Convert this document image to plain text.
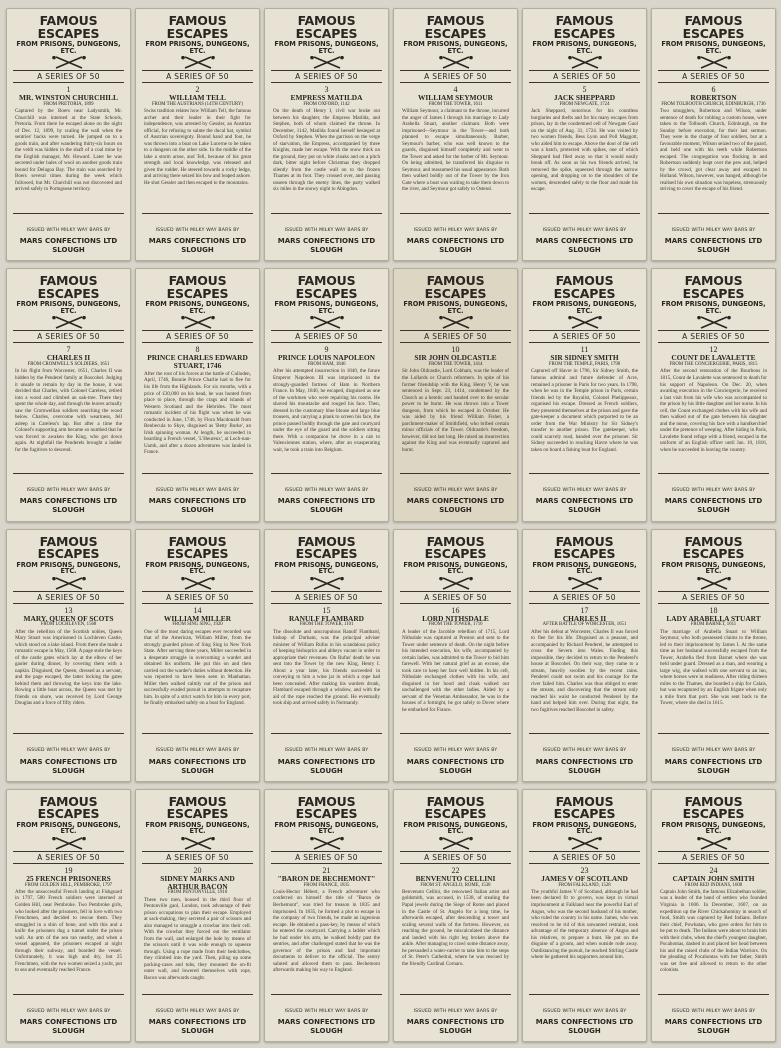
FAMOUS ESCAPES
FROM PRISONS, DUNGEONS, ETC.
A SERIES OF 50
1
MR. WINSTON CHURCHILL
FROM PRETORIA, 1899
Captured by the Boers near Ladysmith, Mr. Churchill was interned at the State Schools, Pretoria. From there he escaped alone on the night of Dec. 12, 1899, by scaling the wall when the sentries' backs were turned. He jumped on to a goods train, and after wandering thirty-six hours on the veldt was hidden in the shaft of a coal mine by the English manager, Mr. Howard. Later he was secreted under bales of wool on another goods train bound for Delagoa Bay. The train was searched by Boers several times during the week which followed, but Mr. Churchill was not discovered and arrived safely in Portuguese territory.
ISSUED WITH MILKY WAY BARS BY
MARS CONFECTIONS LTD
SLOUGH
FAMOUS ESCAPES
FROM PRISONS, DUNGEONS, ETC.
A SERIES OF 50
2
WILLIAM TELL
FROM THE AUSTRIANS (14TH CENTURY)
Swiss tradition relates how William Tell, the famous archer and their leader in their fight for independence, was arrested by Gessler, an Austrian official, for refusing to salute the ducal hat, symbol of Austrian sovereignty. Bound hand and foot, he was thrown into a boat on Lake Lucerne to be taken to a dungeon on the other side. In the middle of the lake a storm arose, and Tell, because of his great strength and local knowledge, was released and given the rudder. He steered towards a rocky ledge, and arriving there seized his bow and leaped ashore. He shot Gessler and then escaped to the mountains.
ISSUED WITH MILKY WAY BARS BY
MARS CONFECTIONS LTD
SLOUGH
FAMOUS ESCAPES
FROM PRISONS, DUNGEONS, ETC.
A SERIES OF 50
3
EMPRESS MATILDA
FROM OXFORD, 1142
On the death of Henry I, civil war broke out between his daughter, the Empress Matilda, and Stephen, both of whom claimed the throne. In December, 1142, Matilda found herself besieged at Oxford by Stephen. When the garrison on the verge of starvation, the Empress, accompanied by three Knights, made her escape. With the snow thick on the ground, they put on white cloaks and on a pitch dark, bitter night before Christmas they dropped silently from the castle wall on to the frozen Thames at its foot. They crossed over, and passing unseen through the enemy lines, the party walked six miles in the snowy night to Abingdon.
ISSUED WITH MILKY WAY BARS BY
MARS CONFECTIONS LTD
SLOUGH
FAMOUS ESCAPES
FROM PRISONS, DUNGEONS, ETC.
A SERIES OF 50
4
WILLIAM SEYMOUR
FROM THE TOWER, 1611
William Seymour, a claimant to the throne, incurred the anger of James I through his marriage to Lady Arabella Stuart, another claimant. Both were imprisoned—Seymour in the Tower—and both planned to escape simultaneously. Barber, Seymour's barber, who was well known to the guards, disguised himself completely and went to the Tower and asked for the barber of Mr. Seymour. On being admitted, he transferred his disguise to Seymour, and reassumed his usual appearance. Both then walked boldly out of the Tower by the Iron Gate where a boat was waiting to take them down to the river, and Seymour got safely to Ostend.
ISSUED WITH MILKY WAY BARS BY
MARS CONFECTIONS LTD
SLOUGH
FAMOUS ESCAPES
FROM PRISONS, DUNGEONS, ETC.
A SERIES OF 50
5
JACK SHEPPARD
FROM NEWGATE, 1724
Jack Sheppard, notorious for his countless burglaries and thefts and for his many escapes from prison, lay in the condemned cell of Newgate Gaol on the night of Aug. 31, 1724. He was visited by two women friends, Bess Lyon and Poll Maggott, who aided him to escape. Above the door of the cell was a hatch, protected with spikes, one of which Sheppard had filed away so that it would easily break off. As soon as his two friends arrived, he removed the spike, squeezed through the narrow opening, and dropping on to the shoulders of the women, descended safely to the floor and made his escape.
ISSUED WITH MILKY WAY BARS BY
MARS CONFECTIONS LTD
SLOUGH
FAMOUS ESCAPES
FROM PRISONS, DUNGEONS, ETC.
A SERIES OF 50
6
ROBERTSON
FROM TOLBOOTH CHURCH, EDINBURGH, 1736
Two smugglers, Robertson and Wilson, under sentence of death for robbing a custom house, were taken to the Tolbooth Church, Edinburgh, on the Sunday before execution, for their last sermon. They were in the charge of four soldiers, but at a favourable moment, Wilson seized two of the guard, and held one with his teeth while Robertson escaped. The congregation was flocking in and Robertson suddenly leapt over the pew and, helped by the crowd, got clear away and escaped to Holland. Wilson, however, was hanged, although he realised his own situation was hopeless, strenuously striving to cover the escape of his friend.
ISSUED WITH MILKY WAY BARS BY
MARS CONFECTIONS LTD
SLOUGH
FAMOUS ESCAPES
FROM PRISONS, DUNGEONS, ETC.
A SERIES OF 50
7
CHARLES II
FROM CROMWELL'S SOLDIERS, 1651
In his flight from Worcester, 1651, Charles II was hidden by the Penderel family at Boscobel. Judging it unsafe to remain by day in the house, it was decided that Charles, with Colonel Careless, retired into a wood and climbed an oak-tree. There they spent the whole day, and through the leaves actually saw the Cromwellian soldiers searching the wood below. Charles, overcome with weariness, fell asleep in Careless's lap. But after a time the Colonel's supporting arm became so numbed that he was forced to awaken the King, who got down again. At nightfall the Penderels brought a ladder for the fugitives to descend.
ISSUED WITH MILKY WAY BARS BY
MARS CONFECTIONS LTD
SLOUGH
FAMOUS ESCAPES
FROM PRISONS, DUNGEONS, ETC.
A SERIES OF 50
8
PRINCE CHARLES EDWARD STUART, 1746
After the rout of his forces at the battle of Culloden, April, 1746, Bonnie Prince Charlie had to flee for his life from the Highlands. For six months, with a price of £30,000 on his head, he was hunted from place to place, through the crags and islands of Western Scotland and the Hebrides. The most romantic incident of his flight was when he was conducted in June, 1746, by Flora Macdonald from Benbecula to Skye, disguised as 'Betty Burke', an Irish spinning woman. At length, he succeeded in boarding a French vessel, 'L'Heureux', at Loch-nan-Uamh, and after a dozen adventures was landed in France.
ISSUED WITH MILKY WAY BARS BY
MARS CONFECTIONS LTD
SLOUGH
FAMOUS ESCAPES
FROM PRISONS, DUNGEONS, ETC.
A SERIES OF 50
9
PRINCE LOUIS NAPOLEON
FROM HAM, 1846
After his attempted insurrection in 1840, the future Emperor Napoleon III was imprisoned in the strongly-guarded fortress of Ham in Northern France. In May, 1846, he escaped, disguised as one of the workmen who were repairing his rooms. He shaved his moustache and rouged his face. Then, dressed in the customary blue blouse and large blue trousers, and carrying a plank to screen his face, the prince passed boldly through the gate and courtyard under the eye of the guard and the soldiers sitting there. With a companion he drove in a cab to Valenciennes station, where, after an exasperating wait, he took a train into Belgium.
ISSUED WITH MILKY WAY BARS BY
MARS CONFECTIONS LTD
SLOUGH
FAMOUS ESCAPES
FROM PRISONS, DUNGEONS, ETC.
A SERIES OF 50
10
SIR JOHN OLDCASTLE
FROM THE TOWER, 1414
Sir John Oldcastle, Lord Cobham, was the leader of the Lollards or Church reformers. In spite of his former friendship with the King, Henry V, he was sentenced in Sept. 23, 1414, condemned by the Church as a heretic and handed over to the secular power to be burnt. He was thrown into a Tower dungeon, from which he escaped in October. He was aided by his friend William Fisher, a parchment-maker of Smithfield, who bribed certain minor officials of the Tower. Oldcastle's freedom, however, did not last long. He raised an insurrection against the King and was eventually captured and burnt.
ISSUED WITH MILKY WAY BARS BY
MARS CONFECTIONS LTD
SLOUGH
FAMOUS ESCAPES
FROM PRISONS, DUNGEONS, ETC.
A SERIES OF 50
11
SIR SIDNEY SMITH
FROM THE TEMPLE, PARIS, 1798
Captured off Havre in 1796, Sir Sidney Smith, the famous admiral and future defender of Acre, remained a prisoner in Paris for two years. In 1798, when he was in the Temple prison in Paris, certain friends led by the Royalist, Colonel Phelippeaux, organised his escape. Dressed as French soldiers, they presented themselves at the prison and gave the gate-keeper a document which purported to be an order from the War Ministry for Sir Sidney's transfer to another prison. The gatekeeper, who could scarcely read, handed over the prisoner. Sir Sidney succeeded in reaching Havre where he was taken on board a fishing boat for England.
ISSUED WITH MILKY WAY BARS BY
MARS CONFECTIONS LTD
SLOUGH
FAMOUS ESCAPES
FROM PRISONS, DUNGEONS, ETC.
A SERIES OF 50
12
COUNT DE LAVALETTE
FROM THE CONCIERGERIE, PARIS, 1815
After the second restoration of the Bourbons in 1815, Count de Lavalette was sentenced to death for his support of Napoleon. On Dec. 20, when awaiting execution in the Conciergerie, he received a last visit from his wife who was accompanied to the prison by his little daughter and her nurse. In his cell, the Count exchanged clothes with his wife and then walked out of the gate between his daughter and the nurse, covering his face with a handkerchief under the pretence of weeping. After hiding in Paris, Lavalette found refuge with a friend, escaped in the uniform of an English officer until Jan. 10, 1816, when he succeeded in leaving the country.
ISSUED WITH MILKY WAY BARS BY
MARS CONFECTIONS LTD
SLOUGH
FAMOUS ESCAPES
FROM PRISONS, DUNGEONS, ETC.
A SERIES OF 50
13
MARY, QUEEN OF SCOTS
FROM LOCHLEVEN, 1568
After the rebellion of the Scottish nobles, Queen Mary Stuart was imprisoned in Lochleven Castle, which stood on a lake island. From there she made a romantic escape in May, 1568. A page stole the keys of the castle gates which lay at the elbow of her gaoler during dinner, by covering them with a napkin. Disguised, the Queen, dressed as a servant, and the page escaped, the latter locking the gates behind them and throwing the keys into the lake. Rowing a little boat across, the Queen was met by friends on shore, was received by Lord George Douglas and a force of fifty riders.
ISSUED WITH MILKY WAY BARS BY
MARS CONFECTIONS LTD
SLOUGH
FAMOUS ESCAPES
FROM PRISONS, DUNGEONS, ETC.
A SERIES OF 50
14
WILLIAM MILLER
FROM SING SING, 1920
One of the most daring escapes ever recorded was that of the American, William Miller, from the strongly guarded prison of Sing Sing in New York State. After serving three years, Miller succeeded in a desperate struggle in overcoming a warder and obtained his uniform. He put this on and then carried out the warder's duties without detection. He was reported to have been seen in Manhattan. Miller then walked calmly out of the prison and successfully evaded pursuit in attempts to recapture him. In spite of a strict watch for him in every port, he finally embarked safely on a boat for England.
ISSUED WITH MILKY WAY BARS BY
MARS CONFECTIONS LTD
SLOUGH
FAMOUS ESCAPES
FROM PRISONS, DUNGEONS, ETC.
A SERIES OF 50
15
RANULF FLAMBARD
FROM THE TOWER, 1101
The dissolute and unscrupulous Ranulf Flambard, bishop of Durham, was the principal adviser minister of William Rufus in his scandalous policy of keeping bishoprics and abbeys vacant in order to appropriate their revenues. On Rufus' death he was sent into the Tower by the new King, Henry I. About a year later, his friends succeeded in conveying to him a wine jar in which a rope had been concealed. After making his warders drunk, Flambard escaped through a window, and with the aid of the rope reached the ground. He eventually took ship and arrived safely in Normandy.
ISSUED WITH MILKY WAY BARS BY
MARS CONFECTIONS LTD
SLOUGH
FAMOUS ESCAPES
FROM PRISONS, DUNGEONS, ETC.
A SERIES OF 50
16
LORD NITHSDALE
FROM THE TOWER, 1716
A leader of the Jacobite rebellion of 1715, Lord Nithsdale was captured at Preston and sent to the Tower under sentence of death. On the night before his intended execution, his wife, accompanied by certain ladies, was admitted to the Tower to bid him farewell. With her natural grief as an excuse, she took care to keep her face well hidden. In his cell, Nithsdale exchanged clothes with his wife, and disguised in her hood and cloak walked out unchallenged with the other ladies. Aided by a servant of the Venetian Ambassador, he was in the houses of a fortnight, he got safely to Dover where he embarked for France.
ISSUED WITH MILKY WAY BARS BY
MARS CONFECTIONS LTD
SLOUGH
FAMOUS ESCAPES
FROM PRISONS, DUNGEONS, ETC.
A SERIES OF 50
17
CHARLES II
AFTER BATTLE OF WORCESTER, 1651
After his defeat at Worcester, Charles II was forced to flee for his life. Disguised as a peasant, and accompanied by Richard Penderel, he attempted to cross the Severn into Wales. Finding this impossible, they decided to return to the Penderel's house at Boscobel. On their way, they came to a stream, heavily swollen by the recent rains. Penderel could not swim and his courage for the river failed him. Charles was thus obliged to enter the stream, and discovering that the stream only reached his waist he conducted Penderel by the hand and helped him over. During that night, the two fugitives reached Boscobel in safety.
ISSUED WITH MILKY WAY BARS BY
MARS CONFECTIONS LTD
SLOUGH
FAMOUS ESCAPES
FROM PRISONS, DUNGEONS, ETC.
A SERIES OF 50
18
LADY ARABELLA STUART
FROM BARNET, 1611
The marriage of Arabella Stuart to William Seymour, who both possessed claims to the throne, led to their imprisonment by James I. At the same time as her husband successfully escaped from the Tower, Arabella fled from Barnet where she was held under guard. Dressed as a man, and wearing a large wig, she walked with one servant to an inn, where horses were in readiness. After riding thirteen miles to the Thames, she boarded a ship for Calais, but was recaptured by an English frigate when only a mile from that port. She was sent back to the Tower, where she died in 1615.
ISSUED WITH MILKY WAY BARS BY
MARS CONFECTIONS LTD
SLOUGH
FAMOUS ESCAPES
FROM PRISONS, DUNGEONS, ETC.
A SERIES OF 50
19
25 FRENCH PRISONERS
FROM GOLDEN HILL, PEMBROKE, 1797
After the unsuccessful French landing at Fishguard in 1797, 500 French soldiers were interned at Golden Hill, near Pembroke. Two Pembroke girls, who looked after the prisoners, fell in love with two Frenchmen, and decided to rescue them. They smuggled in a shin of bone, and with this and a knife the prisoners dug a tunnel under the prison wall. An arm of the sea ran nearby, and when a vessel appeared, the prisoners escaped at night through their subway, and boarded the vessel. Unfortunately, it was high and dry, but 25 Frenchmen, with the two women seized a yacht, put to sea and eventually reached France.
ISSUED WITH MILKY WAY BARS BY
MARS CONFECTIONS LTD
SLOUGH
FAMOUS ESCAPES
FROM PRISONS, DUNGEONS, ETC.
A SERIES OF 50
20
SIDNEY MARKS AND ARTHUR BACON
FROM PENTONVILLE, 1910
These two men, housed in the third floor of Pentonville gaol, London, took advantage of their prison occupations to plan their escape. Employed at sack-making, they secreted a pair of scissors and also managed to smuggle a crowbar into their cell. With the crowbar they forced out the ventilator from the wall, and enlarged the hole by means of the scissors until it was wide enough to squeeze through. Using a rope made from their bedclothes, they climbed into the yard. Then, piling up some packing-cases and tubs, they mounted the on-fit outer wall, and lowered themselves with rope, Bacon was afterwards caught.
ISSUED WITH MILKY WAY BARS BY
MARS CONFECTIONS LTD
SLOUGH
FAMOUS ESCAPES
FROM PRISONS, DUNGEONS, ETC.
A SERIES OF 50
21
"BARON DE BECHEMONT"
FROM FRANCE, 1835
Louis-Hector Hébert, a French adventurer who conferred on himself the title of "Baron de Bechemont", was tried for treason in 1835 and imprisoned. In 1835, he formed a plot to escape in the company of two friends, he made an ingenious escape. He obtained a pass-key, by means of which he entered the courtyard. Carrying a ladder which he had under his arm, he walked boldly past the sentries, and after challenged stated that he was the governor of the prison and had important documents to deliver to the official. The sentry saluted and allowed them to pass. Bechemont afterwards making his way to England.
ISSUED WITH MILKY WAY BARS BY
MARS CONFECTIONS LTD
SLOUGH
FAMOUS ESCAPES
FROM PRISONS, DUNGEONS, ETC.
A SERIES OF 50
22
BENVENUTO CELLINI
FROM ST. ANGELO, ROME, 1538
Benvenuto Cellini, the renowned Italian artist and goldsmith, was accused, in 1538, of stealing the Papal jewels during the Siege of Rome and placed in the Castle of St. Angelo for a long time, he afterwards escaped, after descending a tower and scaling several walls of the fortress. However, on reaching the ground, he miscalculated the distance and landed with his right leg broken above the ankle. After managing to crawl some distance away, he persuaded a water-carrier to take him to the steps of St. Peter's Cathedral, where he was rescued by the friendly Cardinal Cornaro.
ISSUED WITH MILKY WAY BARS BY
MARS CONFECTIONS LTD
SLOUGH
FAMOUS ESCAPES
FROM PRISONS, DUNGEONS, ETC.
A SERIES OF 50
23
JAMES V OF SCOTLAND
FROM FALKLAND, 1528
The youthful James V of Scotland, although he had been declared fit to govern, was kept in virtual imprisonment at Falkland near the powerful Earl of Angus, who was the second husband of his mother, who ruled the country in his name. James, who was resolved to be rid of this unwanted restraint, took advantage of the temporary absence of Angus and his relatives, to prepare a hunt. He put on the disguise of a groom, and when outside rode away. Outdistancing the pursuit, he reached Stirling Castle where he gathered his supporters around him.
ISSUED WITH MILKY WAY BARS BY
MARS CONFECTIONS LTD
SLOUGH
FAMOUS ESCAPES
FROM PRISONS, DUNGEONS, ETC.
A SERIES OF 50
24
CAPTAIN JOHN SMITH
FROM RED INDIANS, 1608
Captain John Smith, the famous Elizabethan soldier, was a leader of the band of settlers who founded Virginia in 1606. In December, 1607, on an expedition up the River Chickahominy in search of food, Smith was captured by Red Indians. Before their chief, Powhatan, who gave orders for him to be put to death. The Indians were about to brain him with their clubs, when the chief's youngest daughter, Pocahontas, dashed in and placed her head between his and the raised clubs of the Indian Warriors. On the pleading of Pocahontas with her father, Smith was set free and allowed to return to the other colonists.
ISSUED WITH MILKY WAY BARS BY
MARS CONFECTIONS LTD
SLOUGH
